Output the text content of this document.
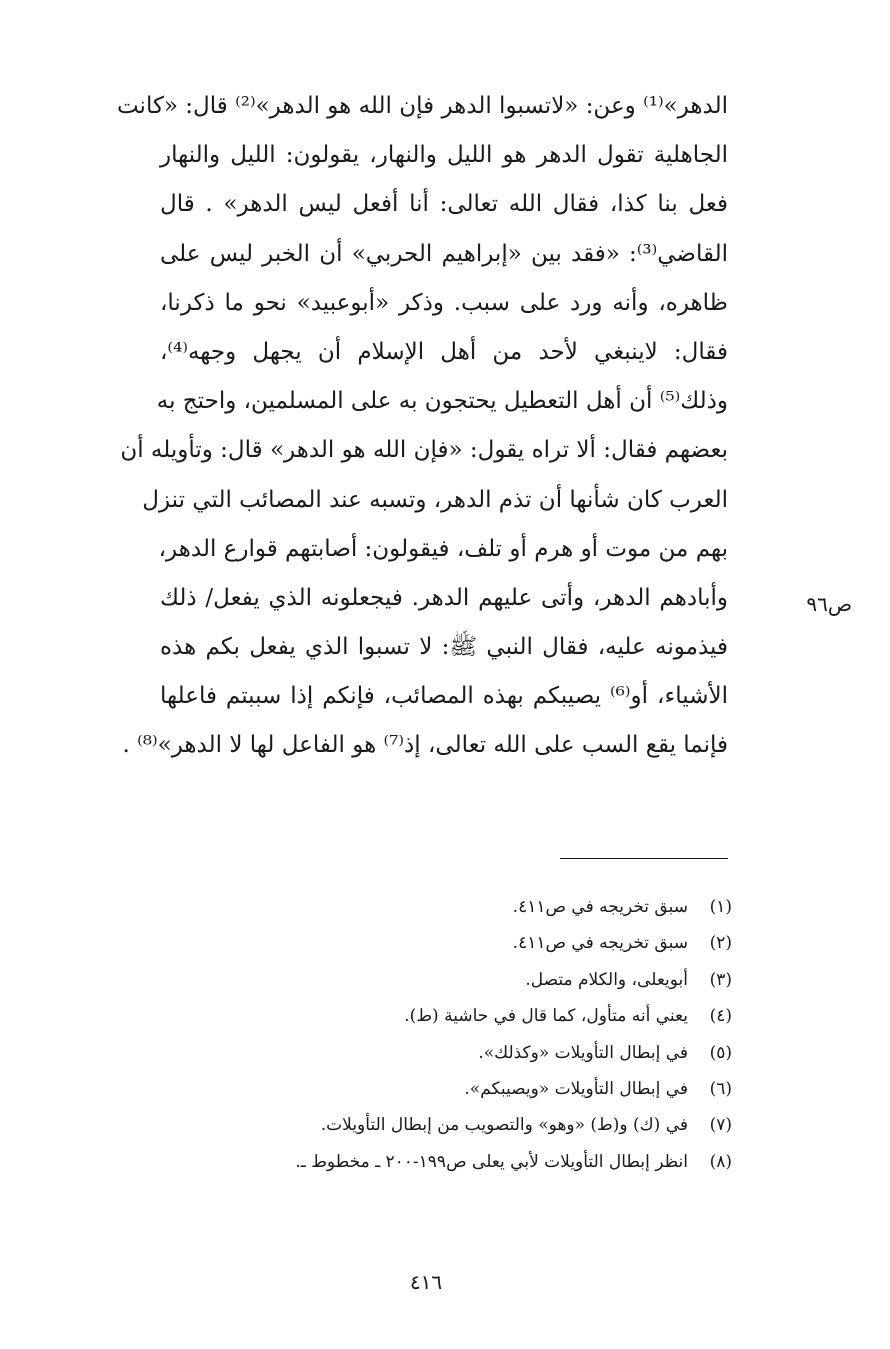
الدهر»⁽¹⁾ وعن: «لاتسبوا الدهر فإن الله هو الدهر»⁽²⁾ قال: «كانت
الجاهلية تقول الدهر هو الليل والنهار، يقولون: الليل والنهار
فعل بنا كذا، فقال الله تعالى: أنا أفعل ليس الدهر» . قال
القاضي⁽³⁾: «فقد بين «إبراهيم الحربي» أن الخبر ليس على
ظاهره، وأنه ورد على سبب. وذكر «أبوعبيد» نحو ما ذكرنا،
فقال: لاينبغي لأحد من أهل الإسلام أن يجهل وجهه⁽⁴⁾،
وذلك⁽⁵⁾ أن أهل التعطيل يحتجون به على المسلمين، واحتج به
بعضهم فقال: ألا تراه يقول: «فإن الله هو الدهر» قال: وتأويله أن
العرب كان شأنها أن تذم الدهر، وتسبه عند المصائب التي تنزل
بهم من موت أو هرم أو تلف، فيقولون: أصابتهم قوارع الدهر،
وأبادهم الدهر، وأتى عليهم الدهر. فيجعلونه الذي يفعل/ ذلك
فيذمونه عليه، فقال النبي ﷺ: لا تسبوا الذي يفعل بكم هذه
الأشياء، أو⁽⁶⁾ يصيبكم بهذه المصائب، فإنكم إذا سببتم فاعلها
فإنما يقع السب على الله تعالى، إذ⁽⁷⁾ هو الفاعل لها لا الدهر»⁽⁸⁾ .
ص٩٦
(١)
سبق تخريجه في ص٤١١.
(٢)
سبق تخريجه في ص٤١١.
(٣)
أبويعلى، والكلام متصل.
(٤)
يعني أنه متأول، كما قال في حاشية (ط).
(٥)
في إبطال التأويلات «وكذلك».
(٦)
في إبطال التأويلات «ويصيبكم».
(٧)
في (ك) و(ط) «وهو» والتصويب من إبطال التأويلات.
(٨)
انظر إبطال التأويلات لأبي يعلى ص١٩٩-٢٠٠ ـ مخطوط ـ.
٤١٦
